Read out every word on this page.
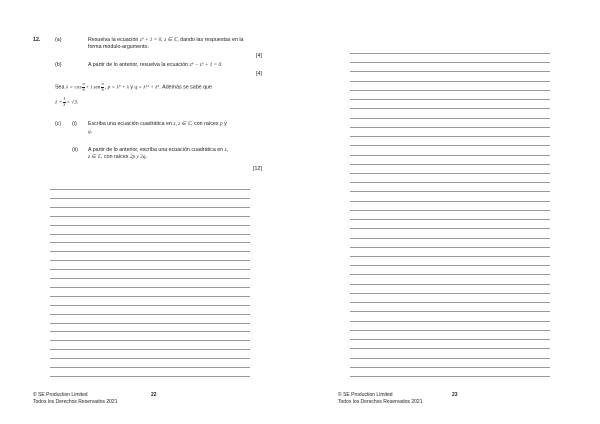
12.	(a)	Resuelva la ecuación z³ + 1 = 0, z ∈ ℂ, dando las respuestas en la
forma módulo-argumento.
[4]
(b)	A partir de lo anterior, resuelva la ecuación z⁴ − z³ + 1 = 0.
[4]
Sea $\lambda = \cos \frac{\pi}{6} + i$ sen $\frac{\pi}{6}$ , p = λ³ + λ y q = λ¹¹ + λ⁵. Además se sabe que
$\lambda + \frac{1}{\lambda} = √3$.
(c) (i) Escriba una ecuación cuadrática en z, z ∈ ℂ, con raíces p y
q.
(ii) A partir de lo anterior, escriba una ecuación cuadrática en z,
z ∈ ℂ, con raíces 2p y 2q.
[12]
© SE Production Limited
Todos los Derechos Reservados 2021
22	© SE Production Limited
Todos los Derechos Reservados 2021
23
